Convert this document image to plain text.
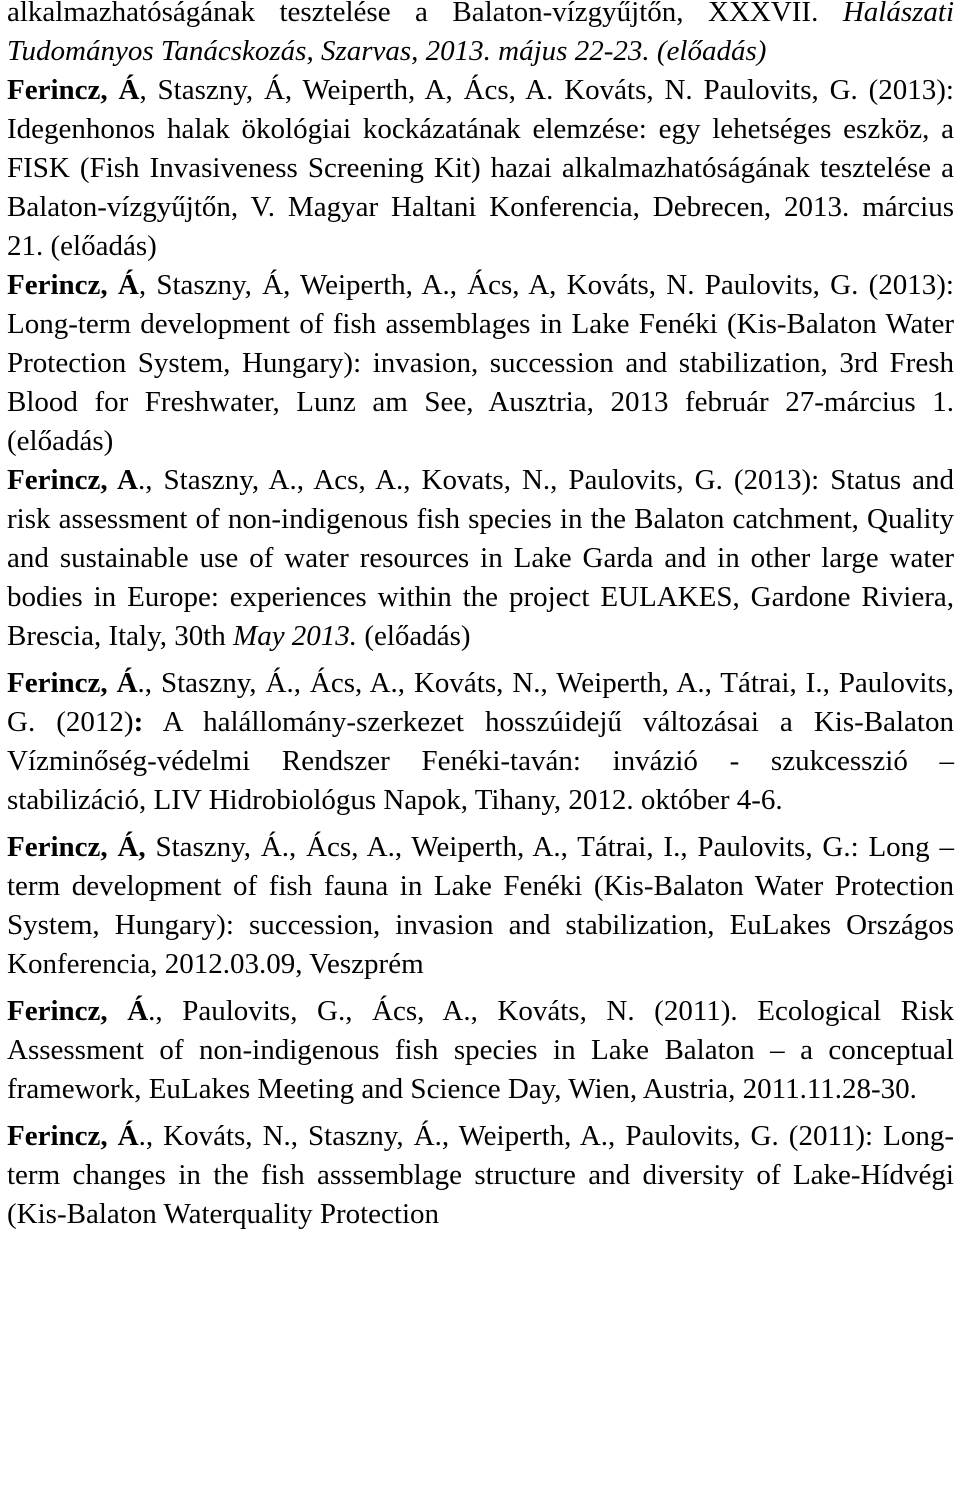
alkalmazhatóságának tesztelése a Balaton-vízgyűjtőn, XXXVII. Halászati Tudományos Tanácskozás, Szarvas, 2013. május 22-23. (előadás)

Ferincz, Á, Staszny, Á, Weiperth, A, Ács, A. Kováts, N. Paulovits, G. (2013): Idegenhonos halak ökológiai kockázatának elemzése: egy lehetséges eszköz, a FISK (Fish Invasiveness Screening Kit) hazai alkalmazhatóságának tesztelése a Balaton-vízgyűjtőn, V. Magyar Haltani Konferencia, Debrecen, 2013. március 21. (előadás)

Ferincz, Á, Staszny, Á, Weiperth, A., Ács, A, Kováts, N. Paulovits, G. (2013): Long-term development of fish assemblages in Lake Fenéki (Kis-Balaton Water Protection System, Hungary): invasion, succession and stabilization, 3rd Fresh Blood for Freshwater, Lunz am See, Ausztria, 2013 február 27-március 1.(előadás)

Ferincz, A., Staszny, A., Acs, A., Kovats, N., Paulovits, G. (2013): Status and risk assessment of non-indigenous fish species in the Balaton catchment, Quality and sustainable use of water resources in Lake Garda and in other large water bodies in Europe: experiences within the project EULAKES, Gardone Riviera, Brescia, Italy, 30th May 2013. (előadás)

Ferincz, Á., Staszny, Á., Ács, A., Kováts, N., Weiperth, A., Tátrai, I., Paulovits, G. (2012): A halállomány-szerkezet hosszúidejű változásai a Kis-Balaton Vízminőség-védelmi Rendszer Fenéki-taván: invázió - szukcesszió – stabilizáció, LIV Hidrobiológus Napok, Tihany, 2012. október 4-6.

Ferincz, Á, Staszny, Á., Ács, A., Weiperth, A., Tátrai, I., Paulovits, G.: Long – term development of fish fauna in Lake Fenéki (Kis-Balaton Water Protection System, Hungary): succession, invasion and stabilization, EuLakes Országos Konferencia, 2012.03.09, Veszprém

Ferincz, Á., Paulovits, G., Ács, A., Kováts, N. (2011). Ecological Risk Assessment of non-indigenous fish species in Lake Balaton – a conceptual framework, EuLakes Meeting and Science Day, Wien, Austria, 2011.11.28-30.

Ferincz, Á., Kováts, N., Staszny, Á., Weiperth, A., Paulovits, G. (2011): Long-term changes in the fish asssemblage structure and diversity of Lake-Hídvégi (Kis-Balaton Waterquality Protection
